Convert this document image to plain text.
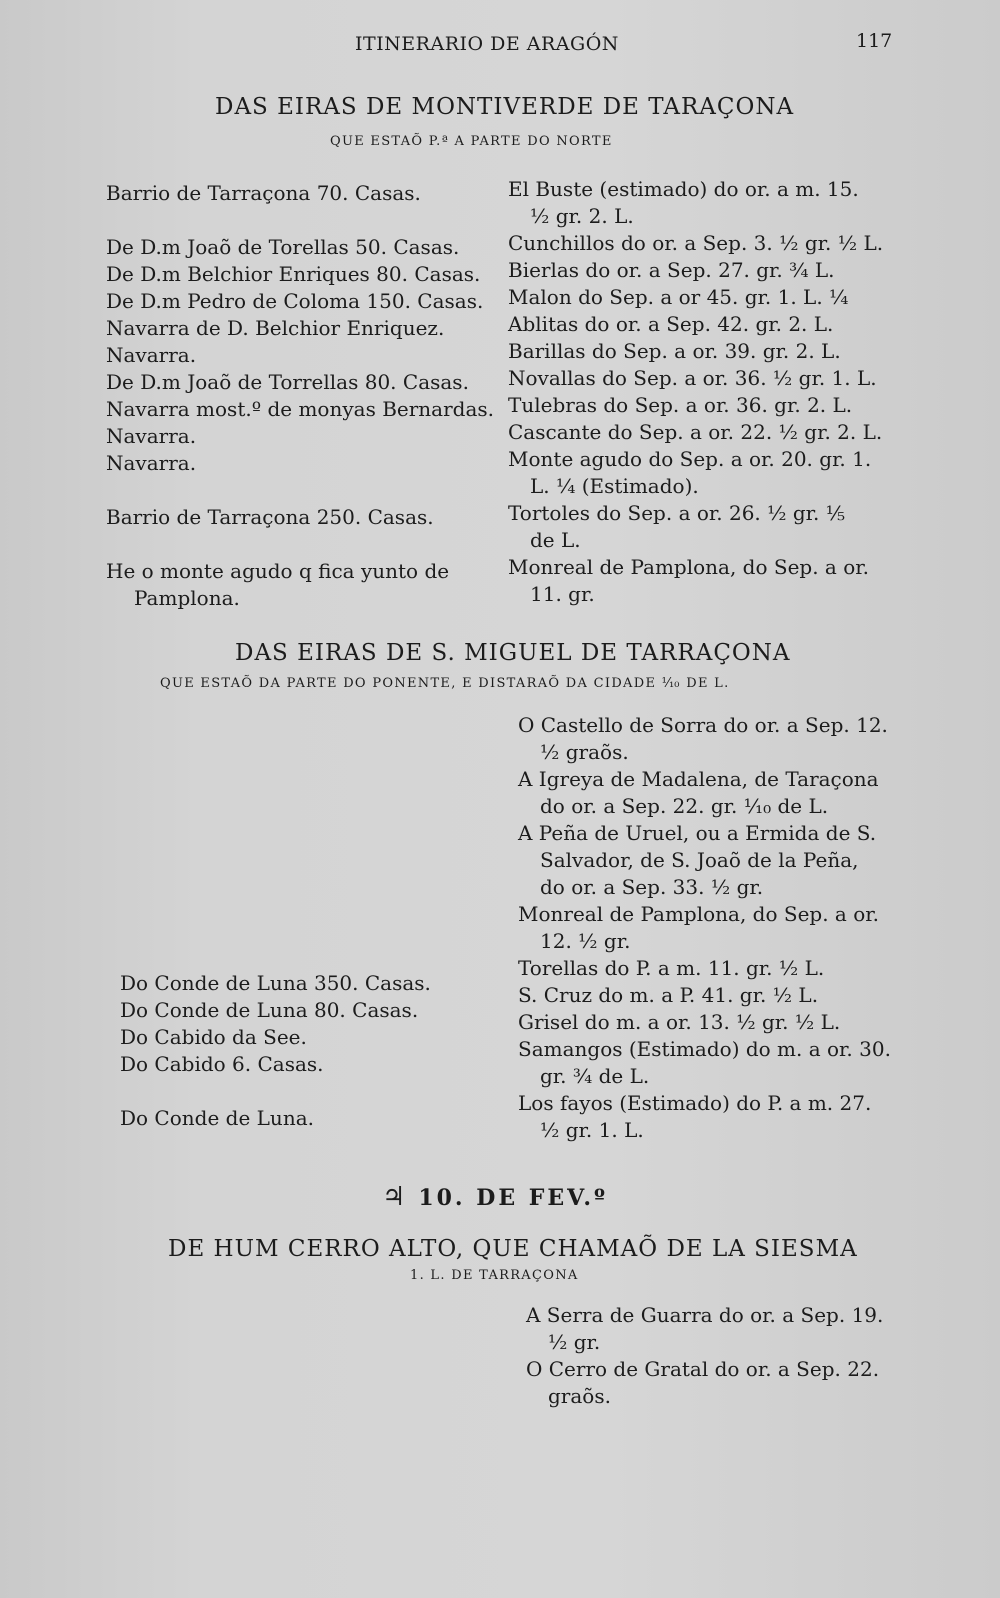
ITINERARIO DE ARAGÓN	117
DAS EIRAS DE MONTIVERDE DE TARAÇONA
QUE ESTAÕ P.ª A PARTE DO NORTE
Barrio de Tarraçona 70. Casas.
De D.m Joaõ de Torellas 50. Casas.
De D.m Belchior Enriques 80. Casas.
De D.m Pedro de Coloma 150. Casas.
Navarra de D. Belchior Enriquez.
Navarra.
De D.m Joaõ de Torrellas 80. Casas.
Navarra most.º de monyas Bernardas.
Navarra.
Navarra.
Barrio de Tarraçona 250. Casas.
He o monte agudo q fica yunto de
Pamplona.
El Buste (estimado) do or. a m. 15.
½ gr. 2. L.
Cunchillos do or. a Sep. 3. ½ gr. ½ L.
Bierlas do or. a Sep. 27. gr. ¾ L.
Malon do Sep. a or 45. gr. 1. L. ¼
Ablitas do or. a Sep. 42. gr. 2. L.
Barillas do Sep. a or. 39. gr. 2. L.
Novallas do Sep. a or. 36. ½ gr. 1. L.
Tulebras do Sep. a or. 36. gr. 2. L.
Cascante do Sep. a or. 22. ½ gr. 2. L.
Monte agudo do Sep. a or. 20. gr. 1.
L. ¼ (Estimado).
Tortoles do Sep. a or. 26. ½ gr. ⅕
de L.
Monreal de Pamplona, do Sep. a or.
11. gr.
DAS EIRAS DE S. MIGUEL DE TARRAÇONA
QUE ESTAÕ DA PARTE DO PONENTE, E DISTARAÕ DA CIDADE ⅒ DE L.
O Castello de Sorra do or. a Sep. 12.
½ graõs.
A Igreya de Madalena, de Taraçona
do or. a Sep. 22. gr. ⅒ de L.
A Peña de Uruel, ou a Ermida de S.
Salvador, de S. Joaõ de la Peña,
do or. a Sep. 33. ½ gr.
Monreal de Pamplona, do Sep. a or.
12. ½ gr.
Torellas do P. a m. 11. gr. ½ L.
S. Cruz do m. a P. 41. gr. ½ L.
Grisel do m. a or. 13. ½ gr. ½ L.
Samangos (Estimado) do m. a or. 30.
gr. ¾ de L.
Los fayos (Estimado) do P. a m. 27.
½ gr. 1. L.
Do Conde de Luna 350. Casas.
Do Conde de Luna 80. Casas.
Do Cabido da See.
Do Cabido 6. Casas.
Do Conde de Luna.
♃ 10. DE FEV.º
DE HUM CERRO ALTO, QUE CHAMAÕ DE LA SIESMA
1. L. DE TARRAÇONA
A Serra de Guarra do or. a Sep. 19.
½ gr.
O Cerro de Gratal do or. a Sep. 22.
graõs.
